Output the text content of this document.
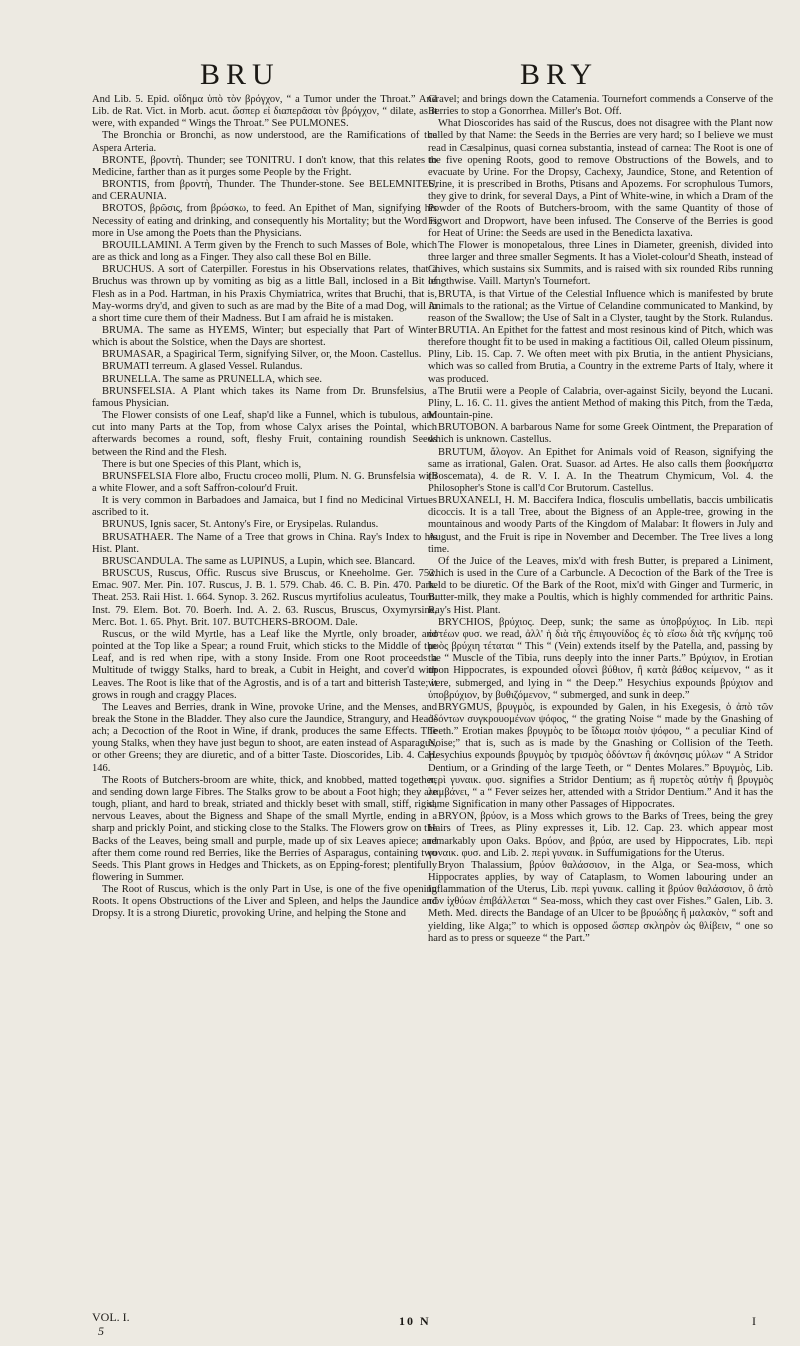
BRU	BRY

And Lib. 5. Epid. οἴδημα ὑπὸ τὸν βρόγχον, “ a Tumor under the Throat.” And Lib. de Rat. Vict. in Morb. acut. ὥσπερ εἰ διαπερᾶσαι τὸν βρόγχον, “ dilate, as it were, with expanded “ Wings the Throat.” See PULMONES.

The Bronchia or Bronchi, as now understood, are the Ramifications of the Aspera Arteria.

BRONTE, βροντὴ. Thunder; see TONITRU. I don't know, that this relates to Medicine, farther than as it purges some People by the Fright.

BRONTIS, from βροντὴ, Thunder. The Thunder-stone. See BELEMNITES, and CERAUNIA.

BROTOS, βρῶσις, from βρώσκω, to feed. An Epithet of Man, signifying his Necessity of eating and drinking, and consequently his Mortality; but the Word is more in Use among the Poets than the Physicians.

BROUILLAMINI. A Term given by the French to such Masses of Bole, which are as thick and long as a Finger. They also call these Bol en Bille.

BRUCHUS. A sort of Caterpiller. Forestus in his Observations relates, that a Bruchus was thrown up by vomiting as big as a little Ball, inclosed in a Bit of Flesh as in a Pod. Hartman, in his Praxis Chymiatrica, writes that Bruchi, that is, May-worms dry'd, and given to such as are mad by the Bite of a mad Dog, will in a short time cure them of their Madness. But I am afraid he is mistaken.

BRUMA. The same as HYEMS, Winter; but especially that Part of Winter which is about the Solstice, when the Days are shortest.

BRUMASAR, a Spagirical Term, signifying Silver, or, the Moon. Castellus.

BRUMATI terreum. A glased Vessel. Rulandus.

BRUNELLA. The same as PRUNELLA, which see.

BRUNSFELSIA. A Plant which takes its Name from Dr. Brunsfelsius, a famous Physician.

The Flower consists of one Leaf, shap'd like a Funnel, which is tubulous, and cut into many Parts at the Top, from whose Calyx arises the Pointal, which afterwards becomes a round, soft, fleshy Fruit, containing roundish Seeds between the Rind and the Flesh.

There is but one Species of this Plant, which is,

BRUNSFELSIA Flore albo, Fructu croceo molli, Plum. N. G. Brunsfelsia with a white Flower, and a soft Saffron-colour'd Fruit.

It is very common in Barbadoes and Jamaica, but I find no Medicinal Virtues ascribed to it.

BRUNUS, Ignis sacer, St. Antony's Fire, or Erysipelas. Rulandus.

BRUSATHAER. The Name of a Tree that grows in China. Ray's Index to his Hist. Plant.

BRUSCANDULA. The same as LUPINUS, a Lupin, which see. Blancard.

BRUSCUS, Ruscus, Offic. Ruscus sive Bruscus, or Kneeholme. Ger. 752. Emac. 907. Mer. Pin. 107. Ruscus, J. B. 1. 579. Chab. 46. C. B. Pin. 470. Park. Theat. 253. Raii Hist. 1. 664. Synop. 3. 262. Ruscus myrtifolius aculeatus, Tourn. Inst. 79. Elem. Bot. 70. Boerh. Ind. A. 2. 63. Ruscus, Bruscus, Oxymyrsine, Merc. Bot. 1. 65. Phyt. Brit. 107. BUTCHERS-BROOM. Dale.

Ruscus, or the wild Myrtle, has a Leaf like the Myrtle, only broader, and pointed at the Top like a Spear; a round Fruit, which sticks to the Middle of the Leaf, and is red when ripe, with a stony Inside. From one Root proceeds a Multitude of twiggy Stalks, hard to break, a Cubit in Height, and cover'd with Leaves. The Root is like that of the Agrostis, and is of a tart and bitterish Taste; it grows in rough and craggy Places.

The Leaves and Berries, drank in Wine, provoke Urine, and the Menses, and break the Stone in the Bladder. They also cure the Jaundice, Strangury, and Head-ach; a Decoction of the Root in Wine, if drank, produces the same Effects. The young Stalks, when they have just begun to shoot, are eaten instead of Asparagus, or other Greens; they are diuretic, and of a bitter Taste. Dioscorides, Lib. 4. Cap. 146.

The Roots of Butchers-broom are white, thick, and knobbed, matted together, and sending down large Fibres. The Stalks grow to be about a Foot high; they are tough, pliant, and hard to break, striated and thickly beset with small, stiff, rigid, nervous Leaves, about the Bigness and Shape of the small Myrtle, ending in a sharp and prickly Point, and sticking close to the Stalks. The Flowers grow on the Backs of the Leaves, being small and purple, made up of six Leaves apiece; and after them come round red Berries, like the Berries of Asparagus, containing two Seeds. This Plant grows in Hedges and Thickets, as on Epping-forest; plentifully flowering in Summer.

The Root of Ruscus, which is the only Part in Use, is one of the five opening Roots. It opens Obstructions of the Liver and Spleen, and helps the Jaundice and Dropsy. It is a strong Diuretic, provoking Urine, and helping the Stone and

Gravel; and brings down the Catamenia. Tournefort commends a Conserve of the Berries to stop a Gonorrhea. Miller's Bot. Off.

What Dioscorides has said of the Ruscus, does not disagree with the Plant now called by that Name: the Seeds in the Berries are very hard; so I believe we must read in Cæsalpinus, quasi cornea substantia, instead of carnea: The Root is one of the five opening Roots, good to remove Obstructions of the Bowels, and to evacuate by Urine. For the Dropsy, Cachexy, Jaundice, Stone, and Retention of Urine, it is prescribed in Broths, Ptisans and Apozems. For scrophulous Tumors, they give to drink, for several Days, a Pint of White-wine, in which a Dram of the Powder of the Roots of Butchers-broom, with the same Quantity of those of Figwort and Dropwort, have been infused. The Conserve of the Berries is good for Heat of Urine: the Seeds are used in the Benedicta laxativa.

The Flower is monopetalous, three Lines in Diameter, greenish, divided into three larger and three smaller Segments. It has a Violet-colour'd Sheath, instead of Chives, which sustains six Summits, and is raised with six rounded Ribs running lengthwise. Vaill. Martyn's Tournefort.

BRUTA, is that Virtue of the Celestial Influence which is manifested by brute Animals to the rational; as the Virtue of Celandine communicated to Mankind, by reason of the Swallow; the Use of Salt in a Clyster, taught by the Stork. Rulandus.

BRUTIA. An Epithet for the fattest and most resinous kind of Pitch, which was therefore thought fit to be used in making a factitious Oil, called Oleum pissinum, Pliny, Lib. 15. Cap. 7. We often meet with pix Brutia, in the antient Physicians, which was so called from Brutia, a Country in the extreme Parts of Italy, where it was produced.

The Brutii were a People of Calabria, over-against Sicily, beyond the Lucani. Pliny, L. 16. C. 11. gives the antient Method of making this Pitch, from the Tæda, Mountain-pine.

BRUTOBON. A barbarous Name for some Greek Ointment, the Preparation of which is unknown. Castellus.

BRUTUM, ἄλογον. An Epithet for Animals void of Reason, signifying the same as irrational, Galen. Orat. Suasor. ad Artes. He also calls them βοσκήματα (Boscemata), 4. de R. V. I. A. In the Theatrum Chymicum, Vol. 4. the Philosopher's Stone is call'd Cor Brutorum. Castellus.

BRUXANELI, H. M. Baccifera Indica, flosculis umbellatis, baccis umbilicatis dicoccis. It is a tall Tree, about the Bigness of an Apple-tree, growing in the mountainous and woody Parts of the Kingdom of Malabar: It flowers in July and August, and the Fruit is ripe in November and December. The Tree lives a long time.

Of the Juice of the Leaves, mix'd with fresh Butter, is prepared a Liniment, which is used in the Cure of a Carbuncle. A Decoction of the Bark of the Tree is held to be diuretic. Of the Bark of the Root, mix'd with Ginger and Turmeric, in Butter-milk, they make a Poultis, which is highly commended for arthritic Pains. Ray's Hist. Plant.

BRYCHIOS, βρύχιος. Deep, sunk; the same as ὑποβρύχιος. In Lib. περὶ ὀστέων φυσ. we read, ἀλλ' ἡ διὰ τῆς ἐπιγουνίδος ἐς τὸ εἴσω διὰ τῆς κνήμης τοῦ μυὸς βρύχιη τέταται “ This “ (Vein) extends itself by the Patella, and, passing by the “ Muscle of the Tibia, runs deeply into the inner Parts.” Βρύχιον, in Erotian upon Hippocrates, is expounded οἷονεὶ βύθιον, ἢ κατὰ βάθος κείμενον, “ as it were, submerged, and lying in “ the Deep.” Hesychius expounds βρύχιον and ὑποβρύχιον, by βυθιζόμενον, “ submerged, and sunk in deep.”

BRYGMUS, βρυγμὸς, is expounded by Galen, in his Exegesis, ὁ ἀπὸ τῶν ὀδόντων συγκρουομένων ψόφος, “ the grating Noise “ made by the Gnashing of Teeth.” Erotian makes βρυγμὸς to be ἴδιωμα ποιὸν ψόφου, “ a peculiar Kind of Noise;” that is, such as is made by the Gnashing or Collision of the Teeth. Hesychius expounds βρυγμὸς by τρισμὸς ὀδόντων ἢ ἀκόνησις μύλων “ A Stridor Dentium, or a Grinding of the large Teeth, or “ Dentes Molares.” Βρυγμὸς, Lib. περὶ γυναικ. φυσ. signifies a Stridor Dentium; as ἢ πυρετὸς αὐτὴν ἢ βρυγμὸς λαμβάνει, “ a “ Fever seizes her, attended with a Stridor Dentium.” And it has the same Signification in many other Passages of Hippocrates.

BRYON, βρύον, is a Moss which grows to the Barks of Trees, being the grey Hairs of Trees, as Pliny expresses it, Lib. 12. Cap. 23. which appear most remarkably upon Oaks. Βρύον, and βρύα, are used by Hippocrates, Lib. περὶ γυναικ. φυσ. and Lib. 2. περὶ γυναικ. in Suffumigations for the Uterus.

Bryon Thalassium, βρύον θαλάσσιον, in the Alga, or Sea-moss, which Hippocrates applies, by way of Cataplasm, to Women labouring under an Inflammation of the Uterus, Lib. περὶ γυναικ. calling it βρύον θαλάσσιον, ὃ ἀπὸ τῶν ἰχθύων ἐπιβάλλεται “ Sea-moss, which they cast over Fishes.” Galen, Lib. 3. Meth. Med. directs the Bandage of an Ulcer to be βρυώδης ἢ μαλακὸν, “ soft and yielding, like Alga;” to which is opposed ὥσπερ σκληρὸν ὡς θλίβειν, “ one so hard as to press or squeeze “ the Part.”

VOL. I.
5
10 N	I
